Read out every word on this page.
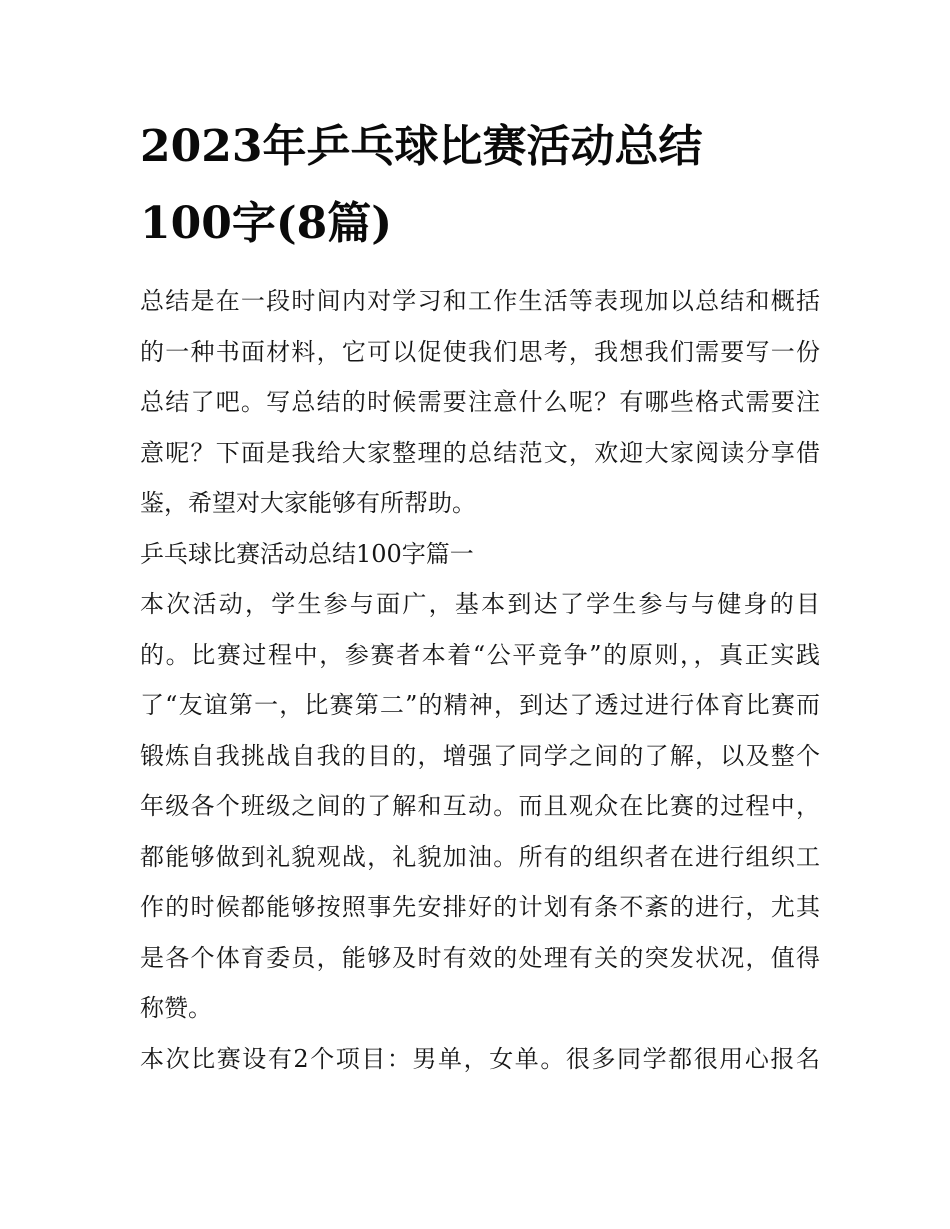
2023年乒乓球比赛活动总结
100字(8篇)
总结是在一段时间内对学习和工作生活等表现加以总结和概括
的一种书面材料，它可以促使我们思考，我想我们需要写一份
总结了吧。写总结的时候需要注意什么呢？有哪些格式需要注
意呢？下面是我给大家整理的总结范文，欢迎大家阅读分享借
鉴，希望对大家能够有所帮助。
乒乓球比赛活动总结100字篇一
本次活动，学生参与面广，基本到达了学生参与与健身的目
的。比赛过程中，参赛者本着“公平竞争”的原则，，真正实践
了“友谊第一，比赛第二”的精神，到达了透过进行体育比赛而
锻炼自我挑战自我的目的，增强了同学之间的了解，以及整个
年级各个班级之间的了解和互动。而且观众在比赛的过程中，
都能够做到礼貌观战，礼貌加油。所有的组织者在进行组织工
作的时候都能够按照事先安排好的计划有条不紊的进行，尤其
是各个体育委员，能够及时有效的处理有关的突发状况，值得
称赞。
本次比赛设有2个项目：男单，女单。很多同学都很用心报名
